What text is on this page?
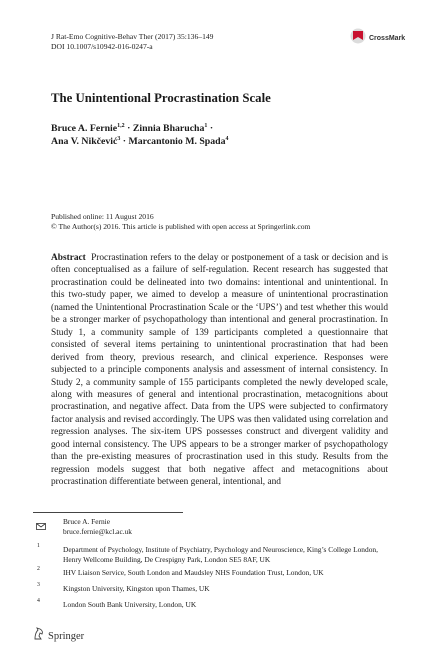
J Rat-Emo Cognitive-Behav Ther (2017) 35:136–149
DOI 10.1007/s10942-016-0247-a
CrossMark
The Unintentional Procrastination Scale
Bruce A. Fernie$^{1,2}$ · Zinnia Bharucha$^1$ ·
Ana V. Nikčević$^3$ · Marcantonio M. Spada$^4$
Published online: 11 August 2016
© The Author(s) 2016. This article is published with open access at Springerlink.com
Abstract Procrastination refers to the delay or postponement of a task or decision and is often conceptualised as a failure of self-regulation. Recent research has suggested that procrastination could be delineated into two domains: intentional and unintentional. In this two-study paper, we aimed to develop a measure of unintentional procrastination (named the Unintentional Procrastination Scale or the ‘UPS’) and test whether this would be a stronger marker of psychopathology than intentional and general procrastination. In Study 1, a community sample of 139 participants completed a questionnaire that consisted of several items pertaining to unintentional procrastination that had been derived from theory, previous research, and clinical experience. Responses were subjected to a principle components analysis and assessment of internal consistency. In Study 2, a community sample of 155 participants completed the newly developed scale, along with measures of general and intentional procrastination, metacognitions about procrastination, and negative affect. Data from the UPS were subjected to confirmatory factor analysis and revised accordingly. The UPS was then validated using correlation and regression analyses. The six-item UPS possesses construct and divergent validity and good internal consistency. The UPS appears to be a stronger marker of psychopathology than the pre-existing measures of procrastination used in this study. Results from the regression models suggest that both negative affect and metacognitions about procrastination differentiate between general, intentional, and
Bruce A. Fernie
bruce.fernie@kcl.ac.uk
1	Department of Psychology, Institute of Psychiatry, Psychology and Neuroscience, King’s College London, Henry Wellcome Building, De Crespigny Park, London SE5 8AF, UK
2	IHV Liaison Service, South London and Maudsley NHS Foundation Trust, London, UK
3	Kingston University, Kingston upon Thames, UK
4	London South Bank University, London, UK
Springer
